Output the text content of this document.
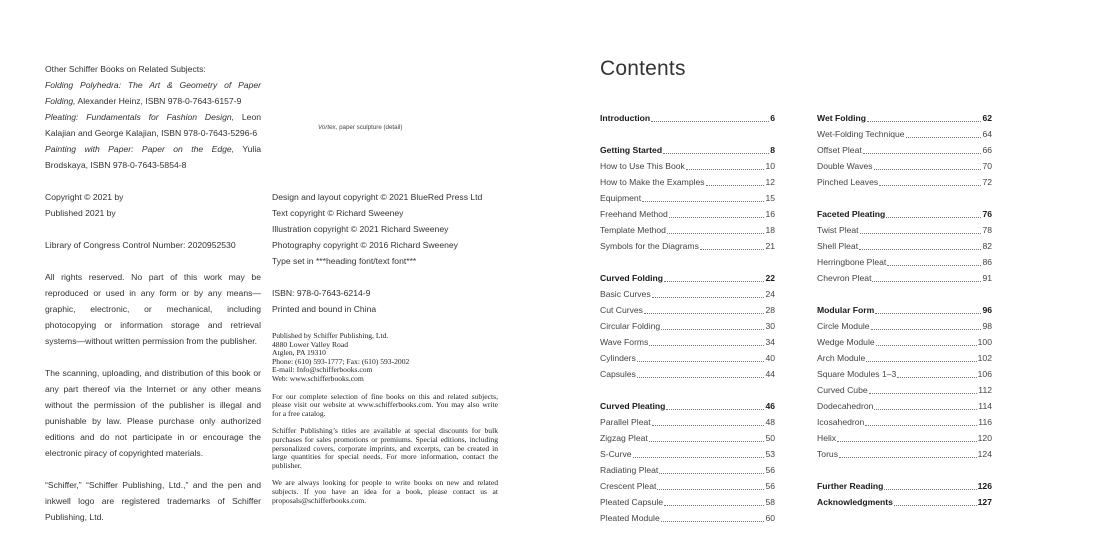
Other Schiffer Books on Related Subjects:

Folding Polyhedra: The Art & Geometry of Paper Folding, Alexander Heinz, ISBN 978-0-7643-6157-9

Pleating: Fundamentals for Fashion Design, Leon Kalajian and George Kalajian, ISBN 978-0-7643-5296-6

Painting with Paper: Paper on the Edge, Yulia Brodskaya, ISBN 978-0-7643-5854-8

Copyright © 2021 by

Published 2021 by

Library of Congress Control Number: 2020952530

All rights reserved. No part of this work may be reproduced or used in any form or by any means—graphic, electronic, or mechanical, including photocopying or information storage and retrieval systems—without written permission from the publisher.

The scanning, uploading, and distribution of this book or any part thereof via the Internet or any other means without the permission of the publisher is illegal and punishable by law. Please purchase only authorized editions and do not participate in or encourage the electronic piracy of copyrighted materials.

“Schiffer,” “Schiffer Publishing, Ltd.,” and the pen and inkwell logo are registered trademarks of Schiffer Publishing, Ltd.

Vortex, paper sculpture (detail)

Design and layout copyright © 2021 BlueRed Press Ltd

Text copyright © Richard Sweeney

Illustration copyright © 2021 Richard Sweeney

Photography copyright © 2016 Richard Sweeney

Type set in ***heading font/text font***

ISBN: 978-0-7643-6214-9

Printed and bound in China

Published by Schiffer Publishing, Ltd.

4880 Lower Valley Road

Atglen, PA 19310

Phone: (610) 593-1777; Fax: (610) 593-2002

E-mail: Info@schifferbooks.com

Web: www.schifferbooks.com

For our complete selection of fine books on this and related subjects, please visit our website at www.schifferbooks.com. You may also write for a free catalog.

Schiffer Publishing’s titles are available at special discounts for bulk purchases for sales promotions or premiums. Special editions, including personalized covers, corporate imprints, and excerpts, can be created in large quantities for special needs. For more information, contact the publisher.

We are always looking for people to write books on new and related subjects. If you have an idea for a book, please contact us at proposals@schifferbooks.com.

Contents
Introduction	6
Getting Started	8
How to Use This Book	10
How to Make the Examples	12
Equipment	15
Freehand Method	16
Template Method	18
Symbols for the Diagrams	21
Curved Folding	22
Basic Curves	24
Cut Curves	28
Circular Folding	30
Wave Forms	34
Cylinders	40
Capsules	44
Curved Pleating	46
Parallel Pleat	48
Zigzag Pleat	50
S-Curve	53
Radiating Pleat	56
Crescent Pleat	56
Pleated Capsule	58
Pleated Module	60
Wet Folding	62
Wet-Folding Technique	64
Offset Pleat	66
Double Waves	70
Pinched Leaves	72
Faceted Pleating	76
Twist Pleat	78
Shell Pleat	82
Herringbone Pleat	86
Chevron Pleat	91
Modular Form	96
Circle Module	98
Wedge Module	100
Arch Module	102
Square Modules 1–3	106
Curved Cube	112
Dodecahedron	114
Icosahedron	116
Helix	120
Torus	124
Further Reading	126
Acknowledgments	127
